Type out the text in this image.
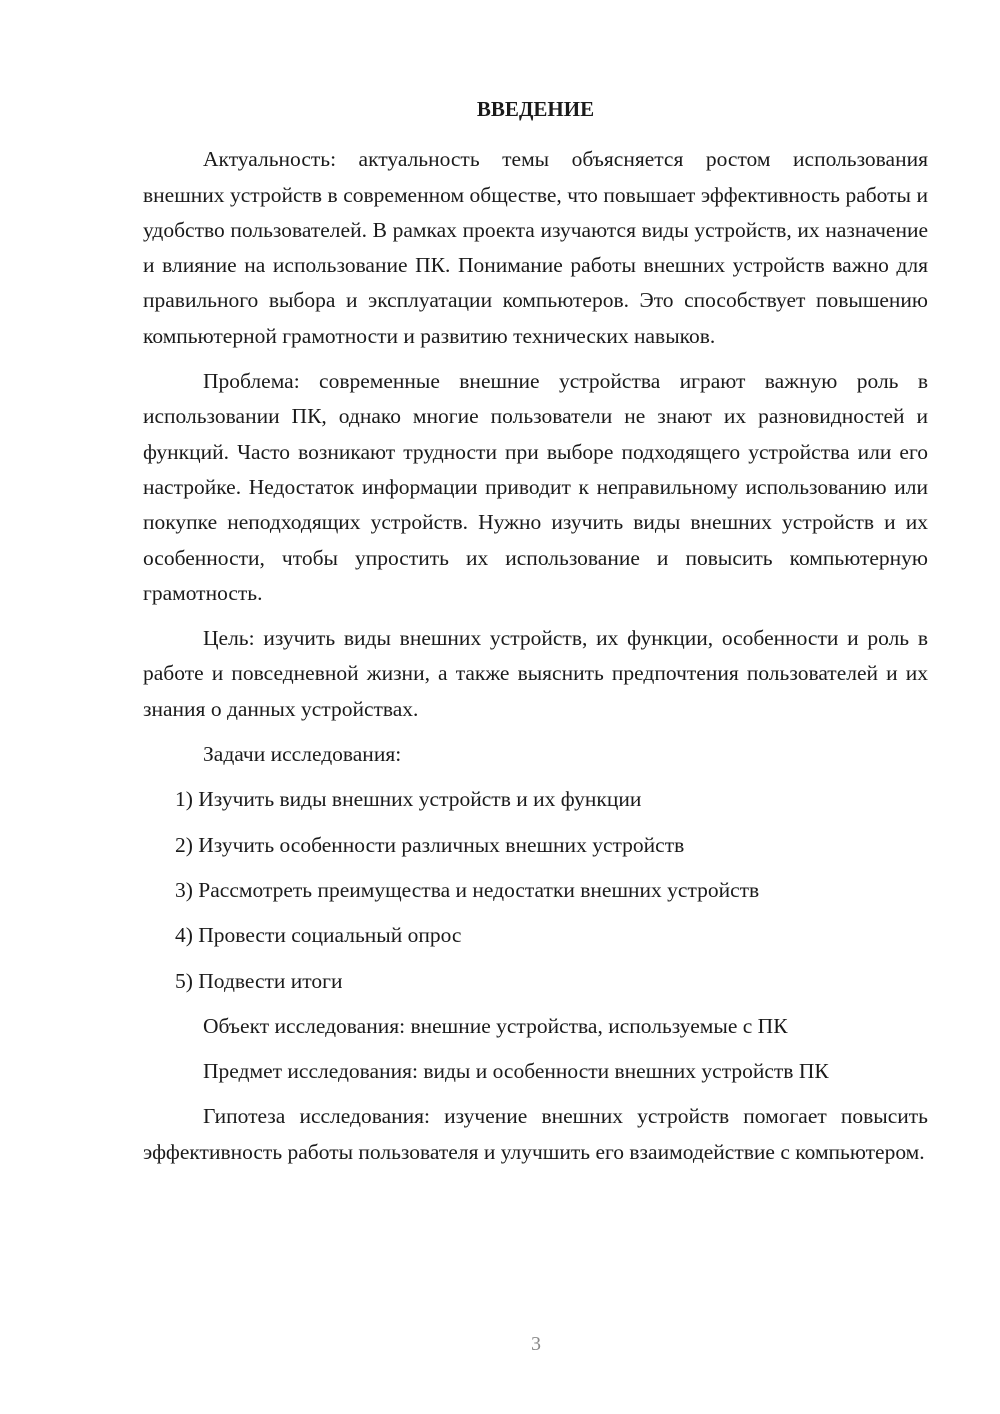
ВВЕДЕНИЕ

Актуальность: актуальность темы объясняется ростом использования внешних устройств в современном обществе, что повышает эффективность работы и удобство пользователей. В рамках проекта изучаются виды устройств, их назначение и влияние на использование ПК. Понимание работы внешних устройств важно для правильного выбора и эксплуатации компьютеров. Это способствует повышению компьютерной грамотности и развитию технических навыков.

Проблема: современные внешние устройства играют важную роль в использовании ПК, однако многие пользователи не знают их разновидностей и функций. Часто возникают трудности при выборе подходящего устройства или его настройке. Недостаток информации приводит к неправильному использованию или покупке неподходящих устройств. Нужно изучить виды внешних устройств и их особенности, чтобы упростить их использование и повысить компьютерную грамотность.

Цель: изучить виды внешних устройств, их функции, особенности и роль в работе и повседневной жизни, а также выяснить предпочтения пользователей и их знания о данных устройствах.

Задачи исследования:

1) Изучить виды внешних устройств и их функции
2) Изучить особенности различных внешних устройств
3) Рассмотреть преимущества и недостатки внешних устройств
4) Провести социальный опрос
5) Подвести итоги

Объект исследования: внешние устройства, используемые с ПК

Предмет исследования: виды и особенности внешних устройств ПК

Гипотеза исследования: изучение внешних устройств помогает повысить эффективность работы пользователя и улучшить его взаимодействие с компьютером.

3
